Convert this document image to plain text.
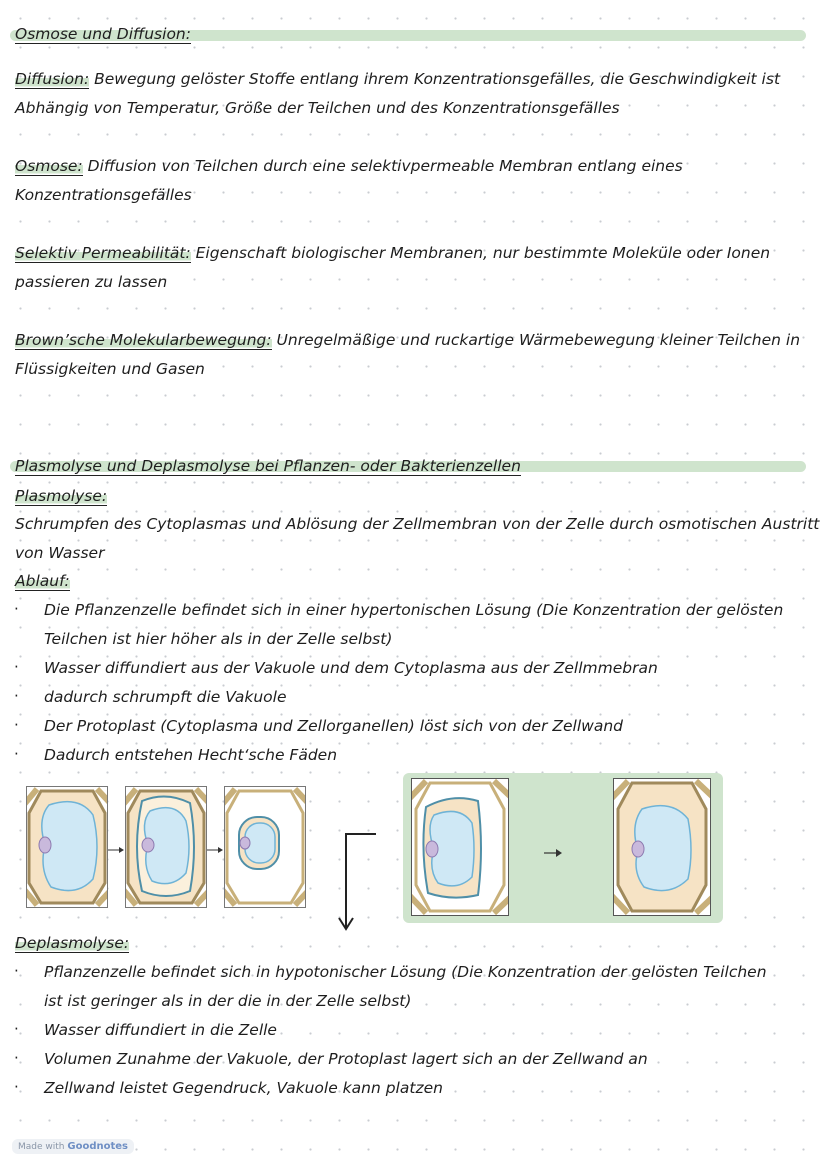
Osmose und Diffusion:
Diffusion: Bewegung gelöster Stoffe entlang ihrem Konzentrationsgefälles, die Geschwindigkeit ist
Abhängig von Temperatur, Größe der Teilchen und des Konzentrationsgefälles
Osmose: Diffusion von Teilchen durch eine selektivpermeable Membran entlang eines
Konzentrationsgefälles
Selektiv Permeabilität: Eigenschaft biologischer Membranen, nur bestimmte Moleküle oder Ionen
passieren zu lassen
Brown’sche Molekularbewegung: Unregelmäßige und ruckartige Wärmebewegung kleiner Teilchen in
Flüssigkeiten und Gasen
Plasmolyse und Deplasmolyse bei Pflanzen- oder Bakterienzellen
Plasmolyse:
Schrumpfen des Cytoplasmas und Ablösung der Zellmembran von der Zelle durch osmotischen Austritt
von Wasser
Ablauf:
· Die Pflanzenzelle befindet sich in einer hypertonischen Lösung (Die Konzentration der gelösten
Teilchen ist hier höher als in der Zelle selbst)
· Wasser diffundiert aus der Vakuole und dem Cytoplasma aus der Zellmmebran
· dadurch schrumpft die Vakuole
· Der Protoplast (Cytoplasma und Zellorganellen) löst sich von der Zellwand
· Dadurch entstehen Hecht‘sche Fäden
Deplasmolyse:
· Pflanzenzelle befindet sich in hypotonischer Lösung (Die Konzentration der gelösten Teilchen
ist ist geringer als in der die in der Zelle selbst)
· Wasser diffundiert in die Zelle
· Volumen Zunahme der Vakuole, der Protoplast lagert sich an der Zellwand an
· Zellwand leistet Gegendruck, Vakuole kann platzen
Made with Goodnotes
